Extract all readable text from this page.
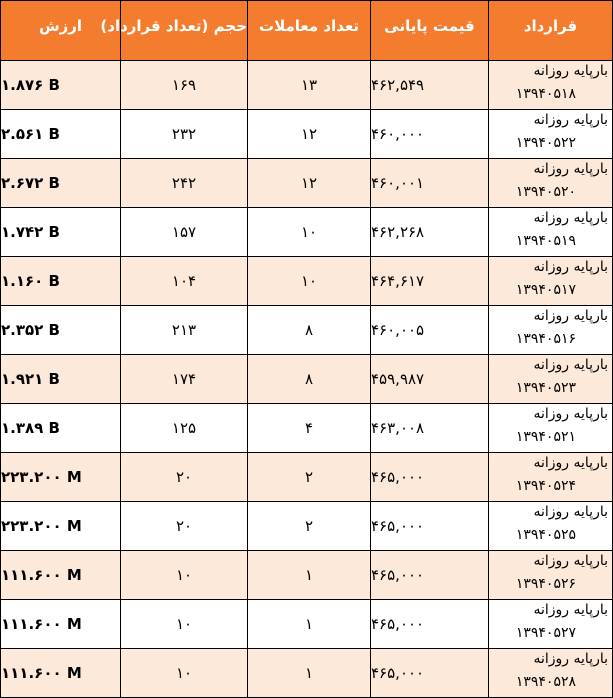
قرارداد	قیمت پایانی	تعداد معاملات	حجم (تعداد قرارداد)	ارزش

بارپایه روزانه
۱۳۹۴۰۵۱۸	۴۶۲,۵۴۹	۱۳	۱۶۹	۱.۸۷۶ B

بارپایه روزانه
۱۳۹۴۰۵۲۲	۴۶۰,۰۰۰	۱۲	۲۳۲	۲.۵۶۱ B

بارپایه روزانه
۱۳۹۴۰۵۲۰	۴۶۰,۰۰۱	۱۲	۲۴۲	۲.۶۷۲ B

بارپایه روزانه
۱۳۹۴۰۵۱۹	۴۶۲,۲۶۸	۱۰	۱۵۷	۱.۷۴۲ B

بارپایه روزانه
۱۳۹۴۰۵۱۷	۴۶۴,۶۱۷	۱۰	۱۰۴	۱.۱۶۰ B

بارپایه روزانه
۱۳۹۴۰۵۱۶	۴۶۰,۰۰۵	۸	۲۱۳	۲.۳۵۲ B

بارپایه روزانه
۱۳۹۴۰۵۲۳	۴۵۹,۹۸۷	۸	۱۷۴	۱.۹۲۱ B

بارپایه روزانه
۱۳۹۴۰۵۲۱	۴۶۳,۰۰۸	۴	۱۲۵	۱.۳۸۹ B

بارپایه روزانه
۱۳۹۴۰۵۲۴	۴۶۵,۰۰۰	۲	۲۰	۲۲۳.۲۰۰ M

بارپایه روزانه
۱۳۹۴۰۵۲۵	۴۶۵,۰۰۰	۲	۲۰	۲۲۳.۲۰۰ M

بارپایه روزانه
۱۳۹۴۰۵۲۶	۴۶۵,۰۰۰	۱	۱۰	۱۱۱.۶۰۰ M

بارپایه روزانه
۱۳۹۴۰۵۲۷	۴۶۵,۰۰۰	۱	۱۰	۱۱۱.۶۰۰ M

بارپایه روزانه
۱۳۹۴۰۵۲۸	۴۶۵,۰۰۰	۱	۱۰	۱۱۱.۶۰۰ M
